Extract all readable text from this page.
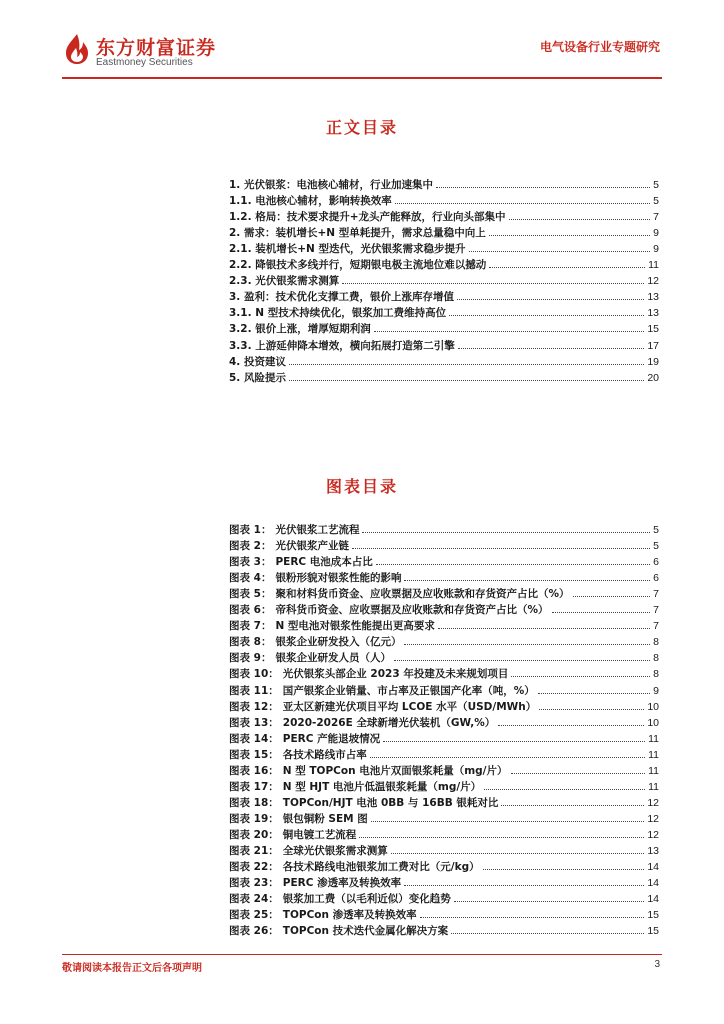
东方财富证券
Eastmoney Securities
电气设备行业专题研究
正文目录
1. 光伏银浆：电池核心辅材，行业加速集中	5
1.1. 电池核心辅材，影响转换效率	5
1.2. 格局：技术要求提升+龙头产能释放，行业向头部集中	7
2. 需求：装机增长+N 型单耗提升，需求总量稳中向上	9
2.1. 装机增长+N 型迭代，光伏银浆需求稳步提升	9
2.2. 降银技术多线并行，短期银电极主流地位难以撼动	11
2.3. 光伏银浆需求测算	12
3. 盈利：技术优化支撑工费，银价上涨库存增值	13
3.1. N 型技术持续优化，银浆加工费维持高位	13
3.2. 银价上涨，增厚短期利润	15
3.3. 上游延伸降本增效，横向拓展打造第二引擎	17
4. 投资建议	19
5. 风险提示	20
图表目录
图表 1： 光伏银浆工艺流程	5
图表 2： 光伏银浆产业链	5
图表 3： PERC 电池成本占比	6
图表 4： 银粉形貌对银浆性能的影响	6
图表 5： 聚和材料货币资金、应收票据及应收账款和存货资产占比（%）	7
图表 6： 帝科货币资金、应收票据及应收账款和存货资产占比（%）	7
图表 7： N 型电池对银浆性能提出更高要求	7
图表 8： 银浆企业研发投入（亿元）	8
图表 9： 银浆企业研发人员（人）	8
图表 10： 光伏银浆头部企业 2023 年投建及未来规划项目	8
图表 11： 国产银浆企业销量、市占率及正银国产化率（吨，%）	9
图表 12： 亚太区新建光伏项目平均 LCOE 水平（USD/MWh）	10
图表 13： 2020-2026E 全球新增光伏装机（GW,%）	10
图表 14： PERC 产能退坡情况	11
图表 15： 各技术路线市占率	11
图表 16： N 型 TOPCon 电池片双面银浆耗量（mg/片）	11
图表 17： N 型 HJT 电池片低温银浆耗量（mg/片）	11
图表 18： TOPCon/HJT 电池 0BB 与 16BB 银耗对比	12
图表 19： 银包铜粉 SEM 图	12
图表 20： 铜电镀工艺流程	12
图表 21： 全球光伏银浆需求测算	13
图表 22： 各技术路线电池银浆加工费对比（元/kg）	14
图表 23： PERC 渗透率及转换效率	14
图表 24： 银浆加工费（以毛利近似）变化趋势	14
图表 25： TOPCon 渗透率及转换效率	15
图表 26： TOPCon 技术迭代金属化解决方案	15
敬请阅读本报告正文后各项声明	3
